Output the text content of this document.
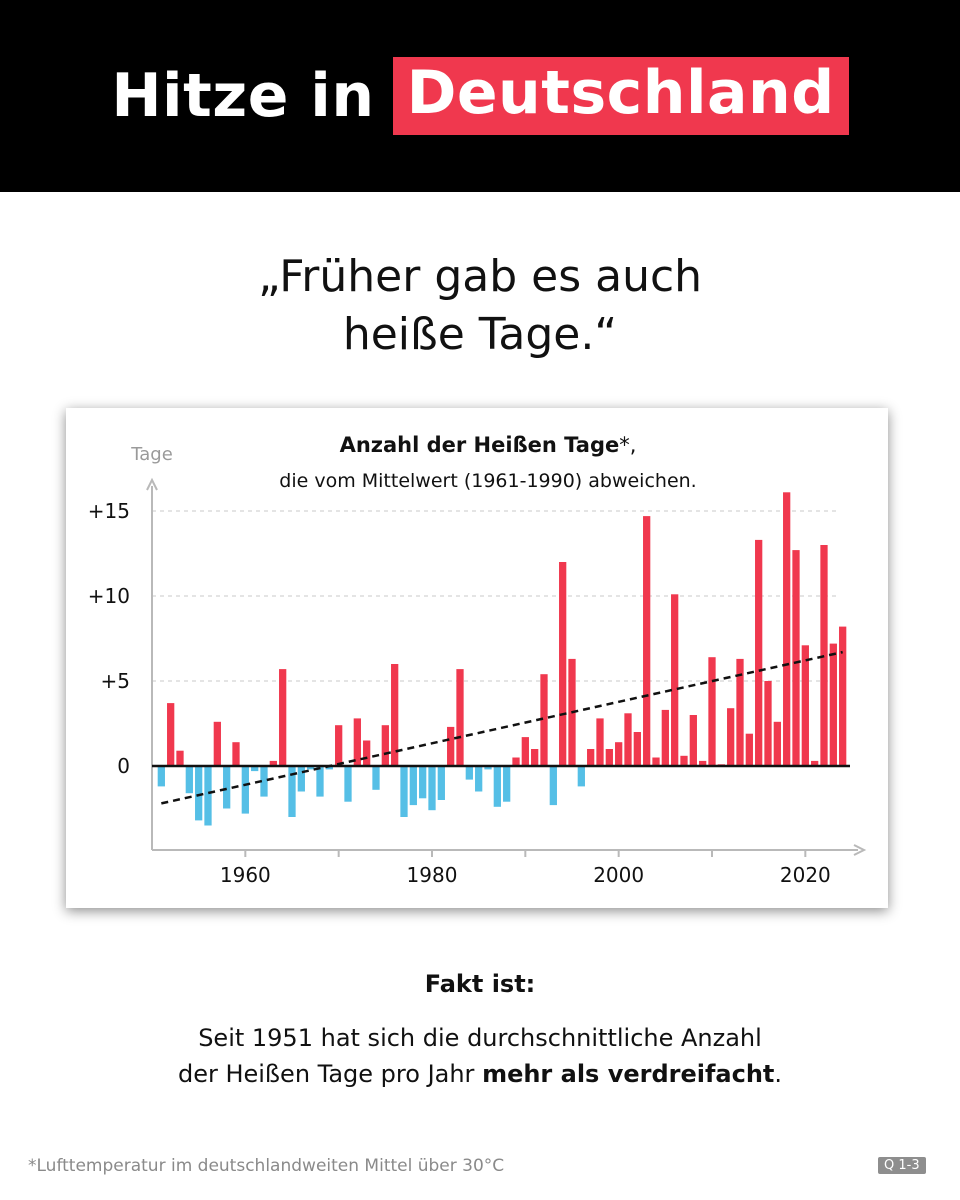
Hitze in Deutschland
„Früher gab es auch
heiße Tage.“
Anzahl der Heißen Tage*,
die vom Mittelwert (1961-1990) abweichen.
Tage
0
+5
+10
+15
1960	1980	2000	2020
Fakt ist:
Seit 1951 hat sich die durchschnittliche Anzahl
der Heißen Tage pro Jahr mehr als verdreifacht.
*Lufttemperatur im deutschlandweiten Mittel über 30°C	Q 1-3
